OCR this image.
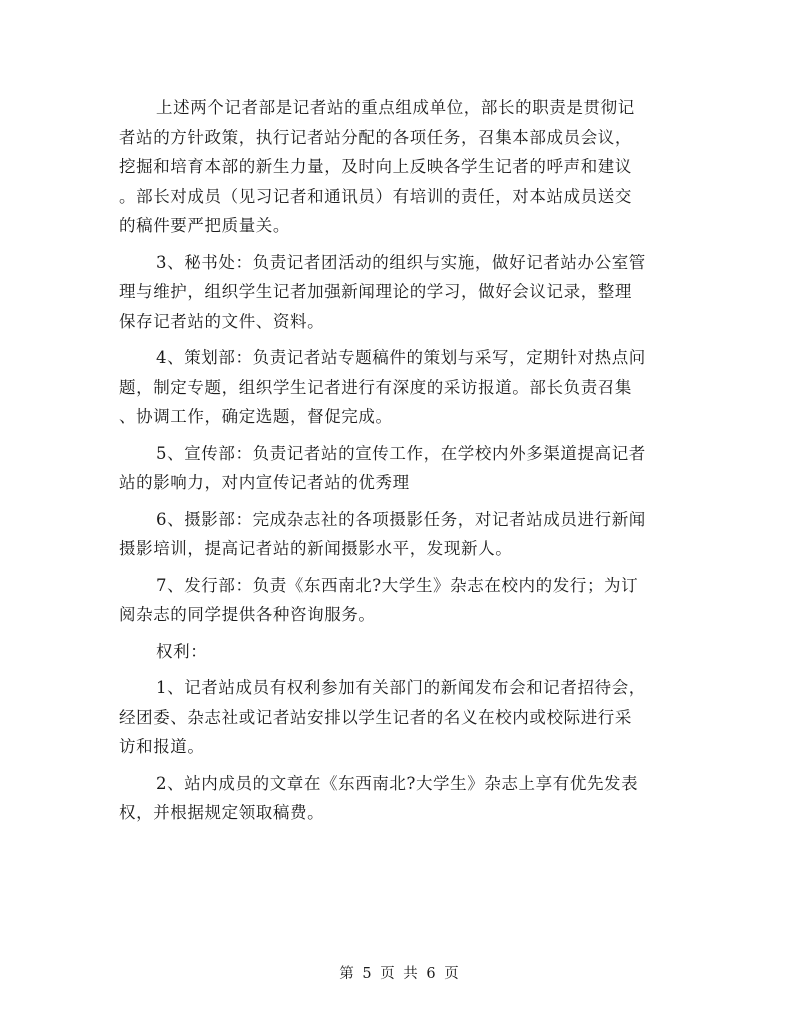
上述两个记者部是记者站的重点组成单位，部长的职责是贯彻记
者站的方针政策，执行记者站分配的各项任务，召集本部成员会议，
挖掘和培育本部的新生力量，及时向上反映各学生记者的呼声和建议
。部长对成员（见习记者和通讯员）有培训的责任，对本站成员送交
的稿件要严把质量关。

3、秘书处：负责记者团活动的组织与实施，做好记者站办公室管
理与维护，组织学生记者加强新闻理论的学习，做好会议记录，整理
保存记者站的文件、资料。

4、策划部：负责记者站专题稿件的策划与采写，定期针对热点问
题，制定专题，组织学生记者进行有深度的采访报道。部长负责召集
、协调工作，确定选题，督促完成。

5、宣传部：负责记者站的宣传工作，在学校内外多渠道提高记者
站的影响力，对内宣传记者站的优秀理

6、摄影部：完成杂志社的各项摄影任务，对记者站成员进行新闻
摄影培训，提高记者站的新闻摄影水平，发现新人。

7、发行部：负责《东西南北?大学生》杂志在校内的发行；为订
阅杂志的同学提供各种咨询服务。

权利：

1、记者站成员有权利参加有关部门的新闻发布会和记者招待会，
经团委、杂志社或记者站安排以学生记者的名义在校内或校际进行采
访和报道。

2、站内成员的文章在《东西南北?大学生》杂志上享有优先发表
权，并根据规定领取稿费。

第 5 页 共 6 页
